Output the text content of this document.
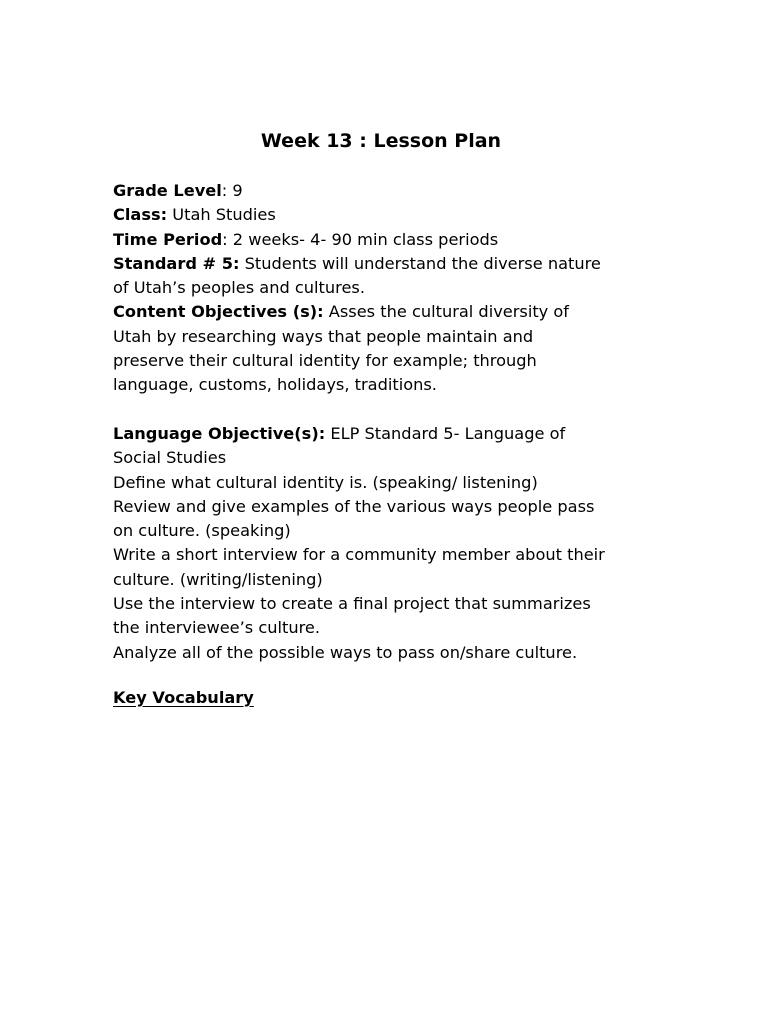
Week 13 : Lesson Plan
Grade Level: 9
Class: Utah Studies
Time Period: 2 weeks- 4- 90 min class periods
Standard # 5: Students will understand the diverse nature
of Utah’s peoples and cultures.
Content Objectives (s): Asses the cultural diversity of
Utah by researching ways that people maintain and
preserve their cultural identity for example; through
language, customs, holidays, traditions.
Language Objective(s): ELP Standard 5- Language of
Social Studies
Define what cultural identity is. (speaking/ listening)
Review and give examples of the various ways people pass
on culture. (speaking)
Write a short interview for a community member about their
culture. (writing/listening)
Use the interview to create a final project that summarizes
the interviewee’s culture.
Analyze all of the possible ways to pass on/share culture.
Key Vocabulary
